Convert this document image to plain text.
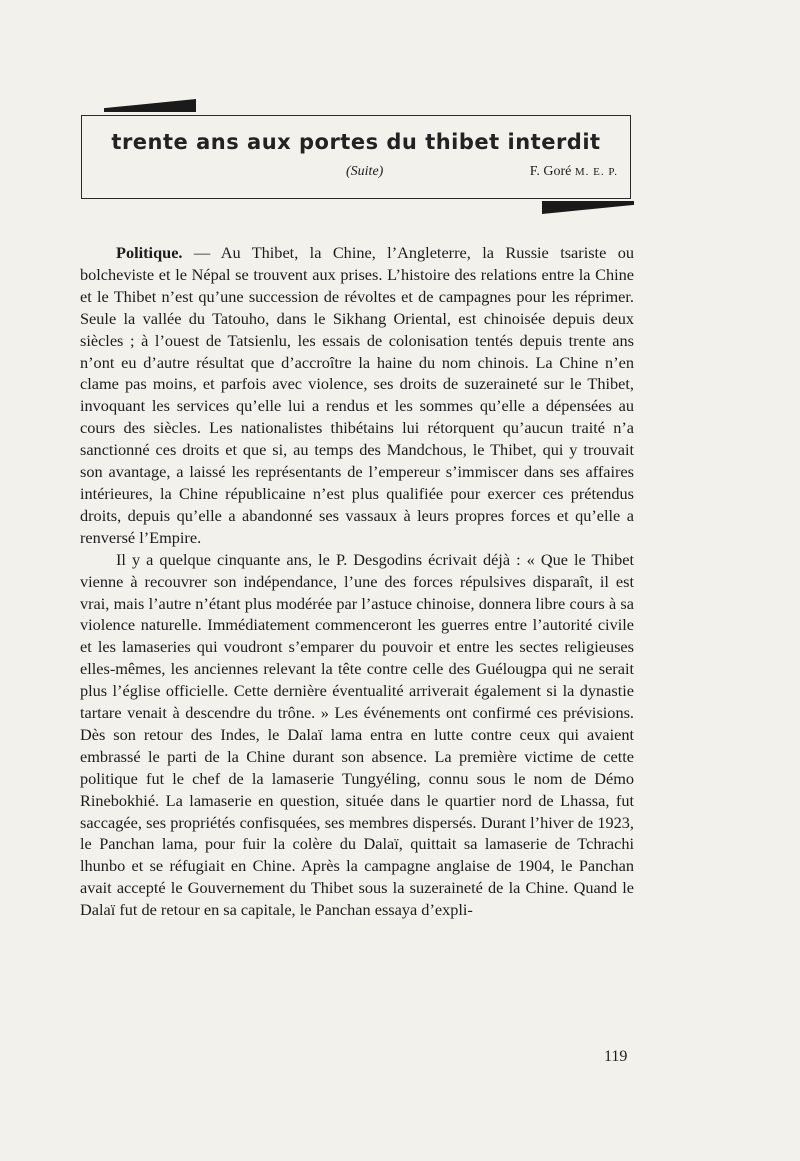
trente ans aux portes du thibet interdit
(Suite)	F. Goré M. E. P.

Politique. — Au Thibet, la Chine, l’Angleterre, la Russie tsariste ou bolcheviste et le Népal se trouvent aux prises. L’histoire des relations entre la Chine et le Thibet n’est qu’une succession de révoltes et de campagnes pour les réprimer. Seule la vallée du Tatouho, dans le Sikhang Oriental, est chinoisée depuis deux siècles ; à l’ouest de Tatsienlu, les essais de colonisation tentés depuis trente ans n’ont eu d’autre résultat que d’accroître la haine du nom chinois. La Chine n’en clame pas moins, et parfois avec violence, ses droits de suzeraineté sur le Thibet, invoquant les services qu’elle lui a rendus et les sommes qu’elle a dépensées au cours des siècles. Les nationalistes thibétains lui rétorquent qu’aucun traité n’a sanctionné ces droits et que si, au temps des Mandchous, le Thibet, qui y trouvait son avantage, a laissé les représentants de l’empereur s’immiscer dans ses affaires intérieures, la Chine républicaine n’est plus qualifiée pour exercer ces prétendus droits, depuis qu’elle a abandonné ses vassaux à leurs propres forces et qu’elle a renversé l’Empire.

Il y a quelque cinquante ans, le P. Desgodins écrivait déjà : « Que le Thibet vienne à recouvrer son indépendance, l’une des forces répulsives disparaît, il est vrai, mais l’autre n’étant plus modérée par l’astuce chinoise, donnera libre cours à sa violence naturelle. Immédiatement commenceront les guerres entre l’autorité civile et les lamaseries qui voudront s’emparer du pouvoir et entre les sectes religieuses elles-mêmes, les anciennes relevant la tête contre celle des Guélougpa qui ne serait plus l’église officielle. Cette dernière éventualité arriverait également si la dynastie tartare venait à descendre du trône. » Les événements ont confirmé ces prévisions. Dès son retour des Indes, le Dalaï lama entra en lutte contre ceux qui avaient embrassé le parti de la Chine durant son absence. La première victime de cette politique fut le chef de la lamaserie Tungyéling, connu sous le nom de Démo Rinebokhié. La lamaserie en question, située dans le quartier nord de Lhassa, fut saccagée, ses propriétés confisquées, ses membres dispersés. Durant l’hiver de 1923, le Panchan lama, pour fuir la colère du Dalaï, quittait sa lamaserie de Tchrachi lhunbo et se réfugiait en Chine. Après la campagne anglaise de 1904, le Panchan avait accepté le Gouvernement du Thibet sous la suzeraineté de la Chine. Quand le Dalaï fut de retour en sa capitale, le Panchan essaya d’expli-

119
